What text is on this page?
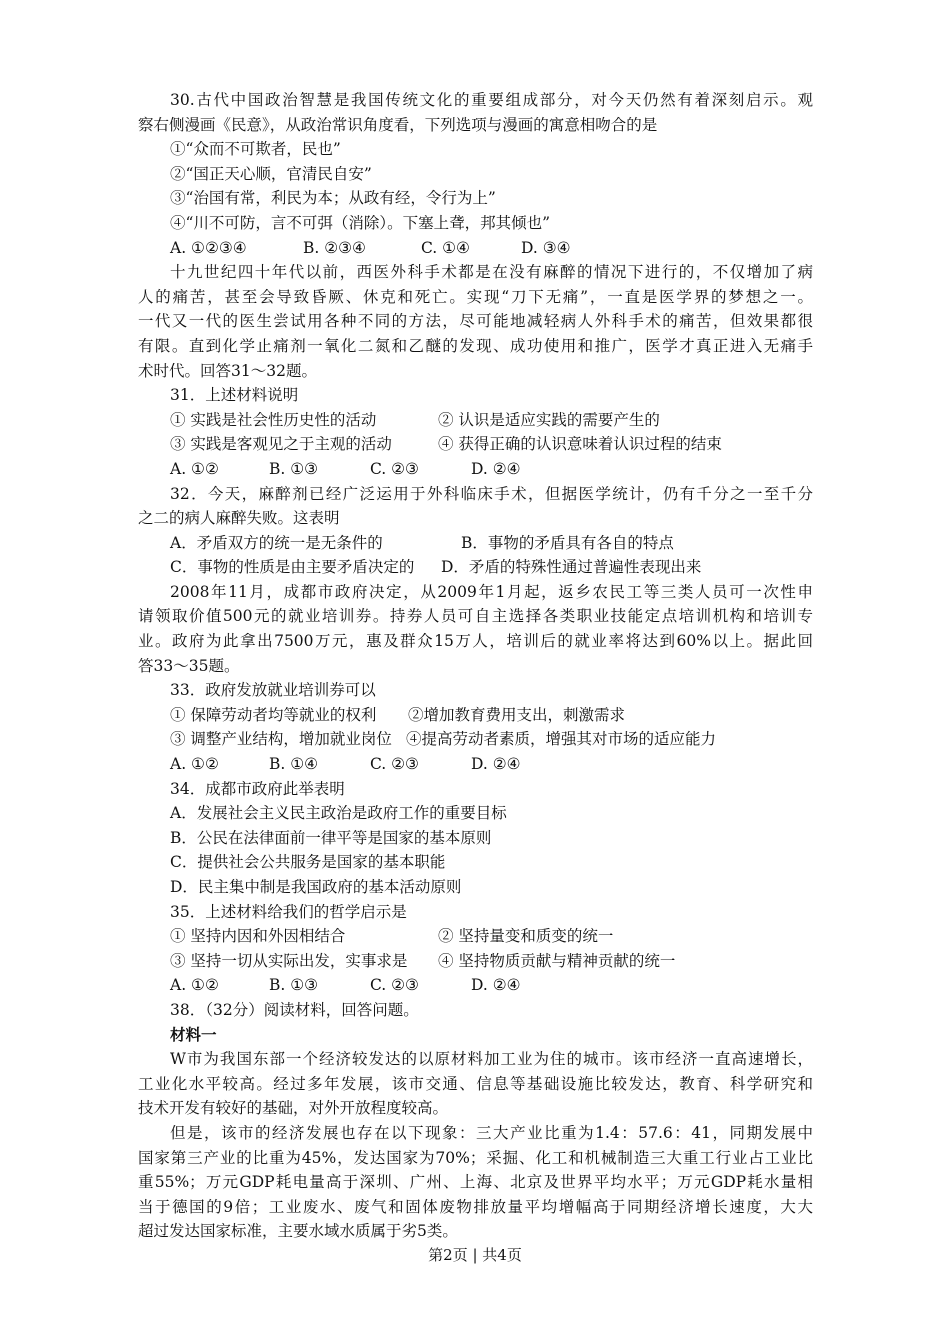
30.古代中国政治智慧是我国传统文化的重要组成部分，对今天仍然有着深刻启示。观
察右侧漫画《民意》，从政治常识角度看，下列选项与漫画的寓意相吻合的是
①“众而不可欺者，民也”
②“国正天心顺，官清民自安”
③“治国有常，利民为本；从政有经，令行为上”
④“川不可防，言不可弭（消除）。下塞上聋，邦其倾也”
A. ①②③④	B. ②③④	C. ①④	D. ③④
十九世纪四十年代以前，西医外科手术都是在没有麻醉的情况下进行的，不仅增加了病
人的痛苦，甚至会导致昏厥、休克和死亡。实现“刀下无痛”，一直是医学界的梦想之一。
一代又一代的医生尝试用各种不同的方法，尽可能地减轻病人外科手术的痛苦，但效果都很
有限。直到化学止痛剂一氧化二氮和乙醚的发现、成功使用和推广，医学才真正进入无痛手
术时代。回答31～32题。
31．上述材料说明
① 实践是社会性历史性的活动	② 认识是适应实践的需要产生的
③ 实践是客观见之于主观的活动	④ 获得正确的认识意味着认识过程的结束
A. ①②	B. ①③	C. ②③	D. ②④
32．今天，麻醉剂已经广泛运用于外科临床手术，但据医学统计，仍有千分之一至千分
之二的病人麻醉失败。这表明
A．矛盾双方的统一是无条件的	B．事物的矛盾具有各自的特点
C．事物的性质是由主要矛盾决定的 D．矛盾的特殊性通过普遍性表现出来
2008年11月，成都市政府决定，从2009年1月起，返乡农民工等三类人员可一次性申
请领取价值500元的就业培训券。持券人员可自主选择各类职业技能定点培训机构和培训专
业。政府为此拿出7500万元，惠及群众15万人，培训后的就业率将达到60%以上。据此回
答33～35题。
33．政府发放就业培训券可以
① 保障劳动者均等就业的权利 ②增加教育费用支出，刺激需求
③ 调整产业结构，增加就业岗位 ④提高劳动者素质，增强其对市场的适应能力
A. ①②	B. ①④	C. ②③	D. ②④
34．成都市政府此举表明
A．发展社会主义民主政治是政府工作的重要目标
B．公民在法律面前一律平等是国家的基本原则
C．提供社会公共服务是国家的基本职能
D．民主集中制是我国政府的基本活动原则
35．上述材料给我们的哲学启示是
① 坚持内因和外因相结合	② 坚持量变和质变的统一
③ 坚持一切从实际出发，实事求是 ④ 坚持物质贡献与精神贡献的统一
A. ①②	B. ①③	C. ②③	D. ②④
38．（32分）阅读材料，回答问题。
材料一
W市为我国东部一个经济较发达的以原材料加工业为住的城市。该市经济一直高速增长，
工业化水平较高。经过多年发展，该市交通、信息等基础设施比较发达，教育、科学研究和
技术开发有较好的基础，对外开放程度较高。
但是，该市的经济发展也存在以下现象：三大产业比重为1.4：57.6：41，同期发展中
国家第三产业的比重为45%，发达国家为70%；采掘、化工和机械制造三大重工行业占工业比
重55%；万元GDP耗电量高于深圳、广州、上海、北京及世界平均水平；万元GDP耗水量相
当于德国的9倍；工业废水、废气和固体废物排放量平均增幅高于同期经济增长速度，大大
超过发达国家标准，主要水域水质属于劣5类。
第2页 | 共4页
